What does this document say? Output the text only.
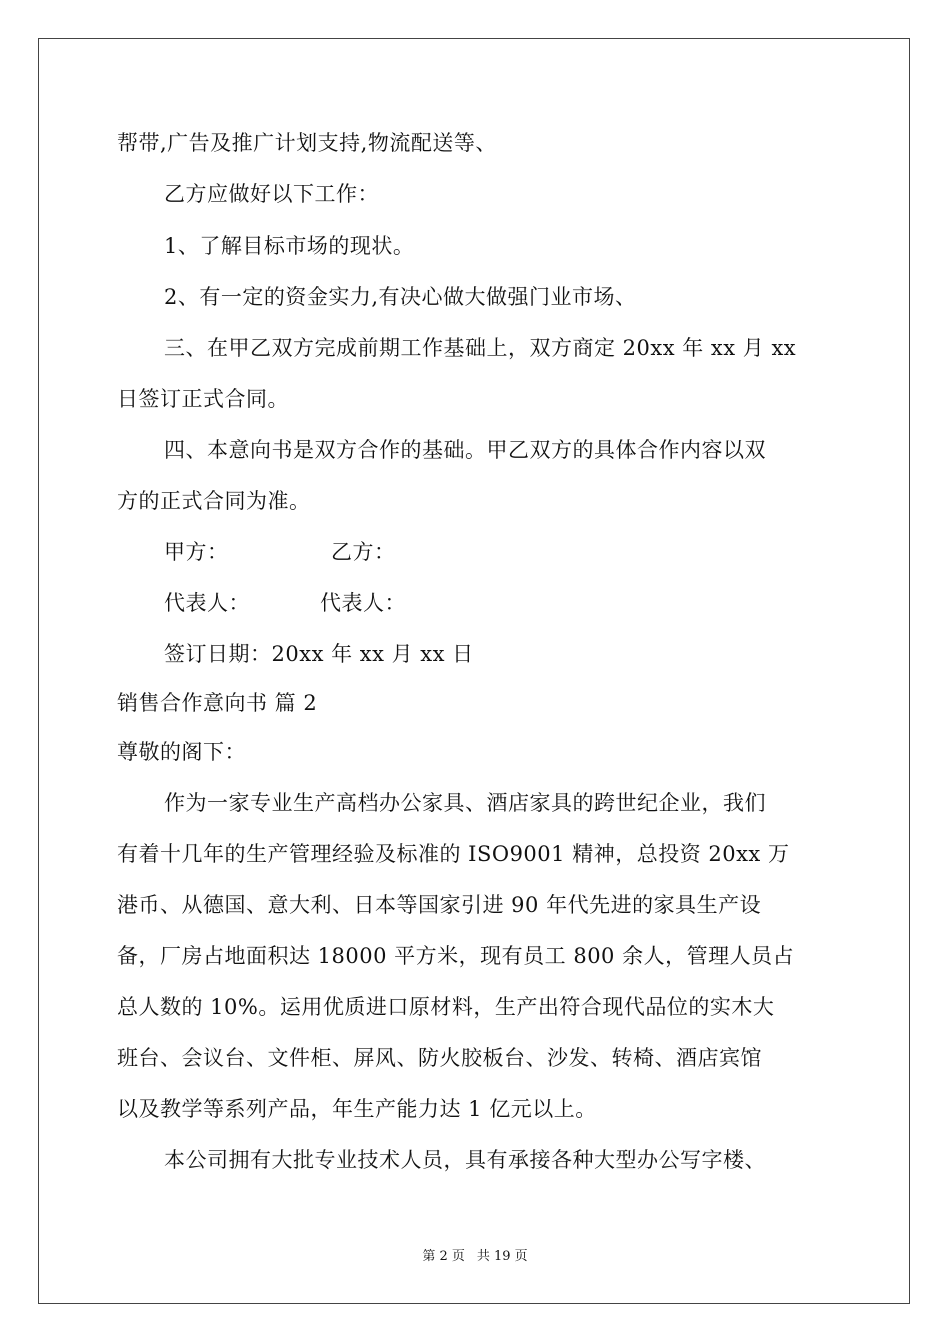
帮带,广告及推广计划支持,物流配送等、
乙方应做好以下工作：
1、了解目标市场的现状。
2、有一定的资金实力,有决心做大做强门业市场、
三、在甲乙双方完成前期工作基础上，双方商定 20xx 年 xx 月 xx
日签订正式合同。
四、本意向书是双方合作的基础。甲乙双方的具体合作内容以双
方的正式合同为准。
甲方：	乙方：
代表人：	代表人：
签订日期：20xx 年 xx 月 xx 日
销售合作意向书 篇 2
尊敬的阁下：
作为一家专业生产高档办公家具、酒店家具的跨世纪企业，我们
有着十几年的生产管理经验及标准的 ISO9001 精神，总投资 20xx 万
港币、从德国、意大利、日本等国家引进 90 年代先进的家具生产设
备，厂房占地面积达 18000 平方米，现有员工 800 余人，管理人员占
总人数的 10%。运用优质进口原材料，生产出符合现代品位的实木大
班台、会议台、文件柜、屏风、防火胶板台、沙发、转椅、酒店宾馆
以及教学等系列产品，年生产能力达 1 亿元以上。
本公司拥有大批专业技术人员，具有承接各种大型办公写字楼、
第 2 页 共 19 页
